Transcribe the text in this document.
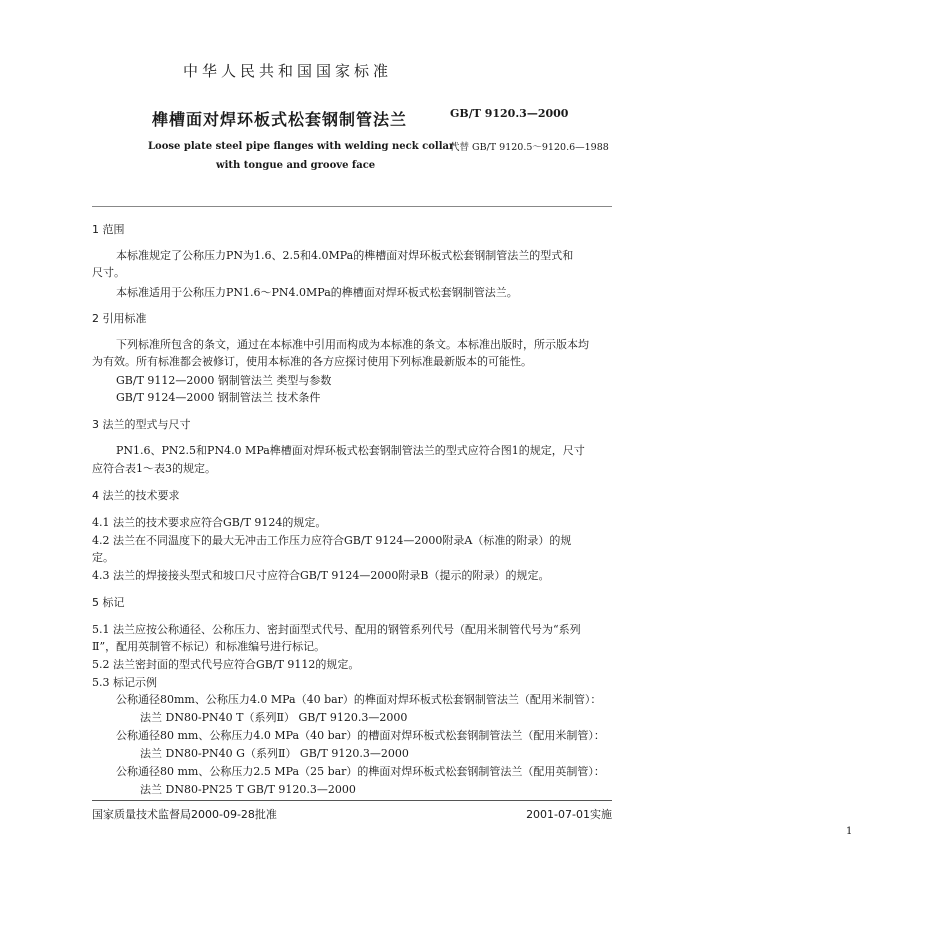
中华人民共和国国家标准
榫槽面对焊环板式松套钢制管法兰	GB/T 9120.3—2000
Loose plate steel pipe flanges with welding neck collar
with tongue and groove face
代替 GB/T 9120.5～9120.6—1988
1 范围
本标准规定了公称压力PN为1.6、2.5和4.0MPa的榫槽面对焊环板式松套钢制管法兰的型式和
尺寸。
本标准适用于公称压力PN1.6～PN4.0MPa的榫槽面对焊环板式松套钢制管法兰。
2 引用标准
下列标准所包含的条文，通过在本标准中引用而构成为本标准的条文。本标准出版时，所示版本均
为有效。所有标准都会被修订，使用本标准的各方应探讨使用下列标准最新版本的可能性。
GB/T 9112—2000 钢制管法兰 类型与参数
GB/T 9124—2000 钢制管法兰 技术条件
3 法兰的型式与尺寸
PN1.6、PN2.5和PN4.0 MPa榫槽面对焊环板式松套钢制管法兰的型式应符合图1的规定，尺寸
应符合表1～表3的规定。
4 法兰的技术要求
4.1 法兰的技术要求应符合GB/T 9124的规定。
4.2 法兰在不同温度下的最大无冲击工作压力应符合GB/T 9124—2000附录A（标准的附录）的规
定。
4.3 法兰的焊接接头型式和坡口尺寸应符合GB/T 9124—2000附录B（提示的附录）的规定。
5 标记
5.1 法兰应按公称通径、公称压力、密封面型式代号、配用的钢管系列代号（配用米制管代号为“系列
Ⅱ”，配用英制管不标记）和标准编号进行标记。
5.2 法兰密封面的型式代号应符合GB/T 9112的规定。
5.3 标记示例
公称通径80mm、公称压力4.0 MPa（40 bar）的榫面对焊环板式松套钢制管法兰（配用米制管）：
法兰 DN80-PN40 T（系列Ⅱ） GB/T 9120.3—2000
公称通径80 mm、公称压力4.0 MPa（40 bar）的槽面对焊环板式松套钢制管法兰（配用米制管）：
法兰 DN80-PN40 G（系列Ⅱ） GB/T 9120.3—2000
公称通径80 mm、公称压力2.5 MPa（25 bar）的榫面对焊环板式松套钢制管法兰（配用英制管）：
法兰 DN80-PN25 T GB/T 9120.3—2000
国家质量技术监督局2000-09-28批准	2001-07-01实施
1
